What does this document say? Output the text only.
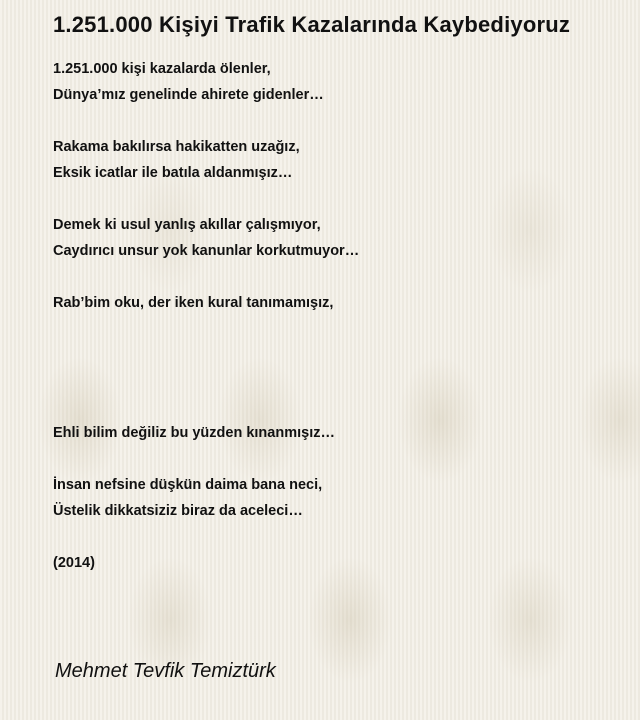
1.251.000 Kişiyi Trafik Kazalarında Kaybediyoruz
1.251.000 kişi kazalarda ölenler,
Dünya’mız genelinde ahirete gidenler…
Rakama bakılırsa hakikatten uzağız,
Eksik icatlar ile batıla aldanmışız…
Demek ki usul yanlış akıllar çalışmıyor,
Caydırıcı unsur yok kanunlar korkutmuyor…
Rab’bim oku, der iken kural tanımamışız,
Ehli bilim değiliz bu yüzden kınanmışız…
İnsan nefsine düşkün daima bana neci,
Üstelik dikkatsiziz biraz da aceleci…
(2014)
Mehmet Tevfik Temiztürk
